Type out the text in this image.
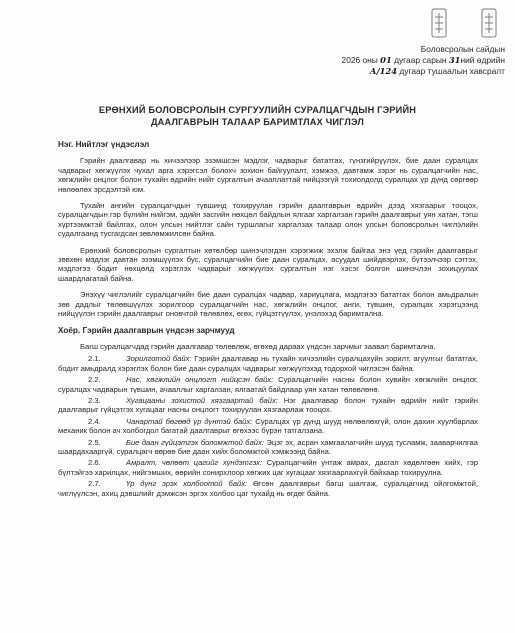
Боловсролын сайдын
2026 оны 01 дугаар сарын 31ний өдрийн
А/124 дугаар тушаалын хавсралт
ЕРӨНХИЙ БОЛОВСРОЛЫН СУРГУУЛИЙН СУРАЛЦАГЧДЫН ГЭРИЙН
ДААЛГАВРЫН ТАЛААР БАРИМТЛАХ ЧИГЛЭЛ
Нэг. Нийтлэг үндэслэл

Гэрийн даалгавар нь хичээлээр эзэмшсэн мэдлэг, чадварыг бататгах, гүнзгийрүүлэх, бие даан суралцах чадварыг хөгжүүлэх чухал арга хэрэгсэл болохч зохион байгуулалт, хэмжээ, давтамж зэрэг нь суралцагчийн нас, хөгжлийн онцлог болон тухайн өдрийн нийт сургалтын ачааллаттай нийцээгүй тохиолдолд суралцах үр дүнд сөргөөр нөлөөлөх эрсдэлтэй юм.

Тухайн ангийн суралцагчдын түвшинд тохируулан гэрийн даалгаврын өдрийн дээд хязгаарыг тооцох, суралцагчдын гэр бүлийн нийгэм, эдийн засгийн нөхцөл байдлын ялгааг харгалзан гэрийн даалгаврыг уян хатан, тэгш хүртээмжтэй байлгах, олон улсын нийтлэг сайн туршлагыг харгалзах талаар олон улсын боловсролын чиглэлийн судалгаанд тусгагдсан зөвлөмжилсөн байна.

Ерөнхий боловсролын сургалтын хөтөлбөр шинэчлэгдэн хэрэгжиж эхэлж байгаа энэ үед гэрийн даалгаврыг зөвхөн мэдлэг давтан эзэмшүүлэх бус, суралцагчийн бие даан суралцах, асуудал шийдвэрлэх, бүтээлчээр сэтгэх, мэдлэгээ бодит нөхцөлд хэрэглэх чадварыг хөгжүүлэх сургалтын нэг хэсэг болгон шинэчлэн зохицуулах шаардлагатай байна.

Энэхүү чиглэлийг суралцагчийн бие даан суралцах чадвар, хариуцлага, мэдлэгээ бататгах болон амьдралын зөв дадлыг төлөвшүүлэх зорилгоор суралцагчийн нас, хөгжлийн онцлог, анги, түвшин, суралцах хэрэгцээнд нийцүүлэн гэрийн даалгаврыг оновчтой төлөвлөх, өгөх, гүйцэтгүүлэх, үнэлэхэд баримтална.

Хоёр. Гэрийн даалгаврын үндсэн зарчмууд

Багш суралцагчдад гэрийн даалгавар төлөвлөж, өгөхөд дараах үндсэн зарчмыг заавал баримтална.

2.1.	Зорилготой байх: Гэрийн даалгавар нь тухайн хичээлийн суралцахуйн зорилт, агуулгыг бататгах, бодит амьдралд хэрэглэх болон бие даан суралцах чадварыг хөгжүүлэхэд тодорхой чиглэсэн байна.
2.2.	Нас, хөгжлийн онцлогт нийцсэн байх: Суралцагчийн насны болон хувийн хөгжлийн онцлог, суралцах чадварын түвшин, ачааллыг харгалзан, ялгаатай байдлаар уян хатан төлөвлөнө.
2.3.	Хугацааны зохистой хязгаартай байх: Нэг даалгавар болон тухайн өдрийн нийт гэрийн даалгаврыг гүйцэтгэх хугацааг насны онцлогт тохируулан хязгаарлаж тооцох.
2.4.	Чанартай бөгөөд үр дүнтэй байх: Суралцах үр дүнд шууд нөлөөлөхгүй, олон дахин хуулбарлах механик болон ач холбогдол багатай даалгаврыг өгөхээс бүрэн татгалзана.
2.5.	Бие даан гүйцэтгэх боломжтой байх: Эцэг эх, асран хамгаалагчийн шууд тусламж, зааварчилгаа шаардахааргүй, суралцагч өөрөө бие даан хийх боломжтой хэмжээнд байна.
2.6.	Амралт, чөлөөт цагийг хүндэтгэх: Суралцагчийн унтаж амрах, дасгал хөдөлгөөн хийх, гэр бүлтэйгээ харилцах, нийгэмших, өөрийн сонирхлоор хөгжих цаг хугацааг хязгаарлахгүй байхаар тохируулна.
2.7.	Үр дүнг эрэх холбоотой байх: Өгсөн даалгаврыг багш шалгаж, суралцагчид ойлгомжтой, чиглүүлсэн, ахиц дэвшлийг дэмжсэн эргэх холбоо цаг тухайд нь өгдөг байна.
